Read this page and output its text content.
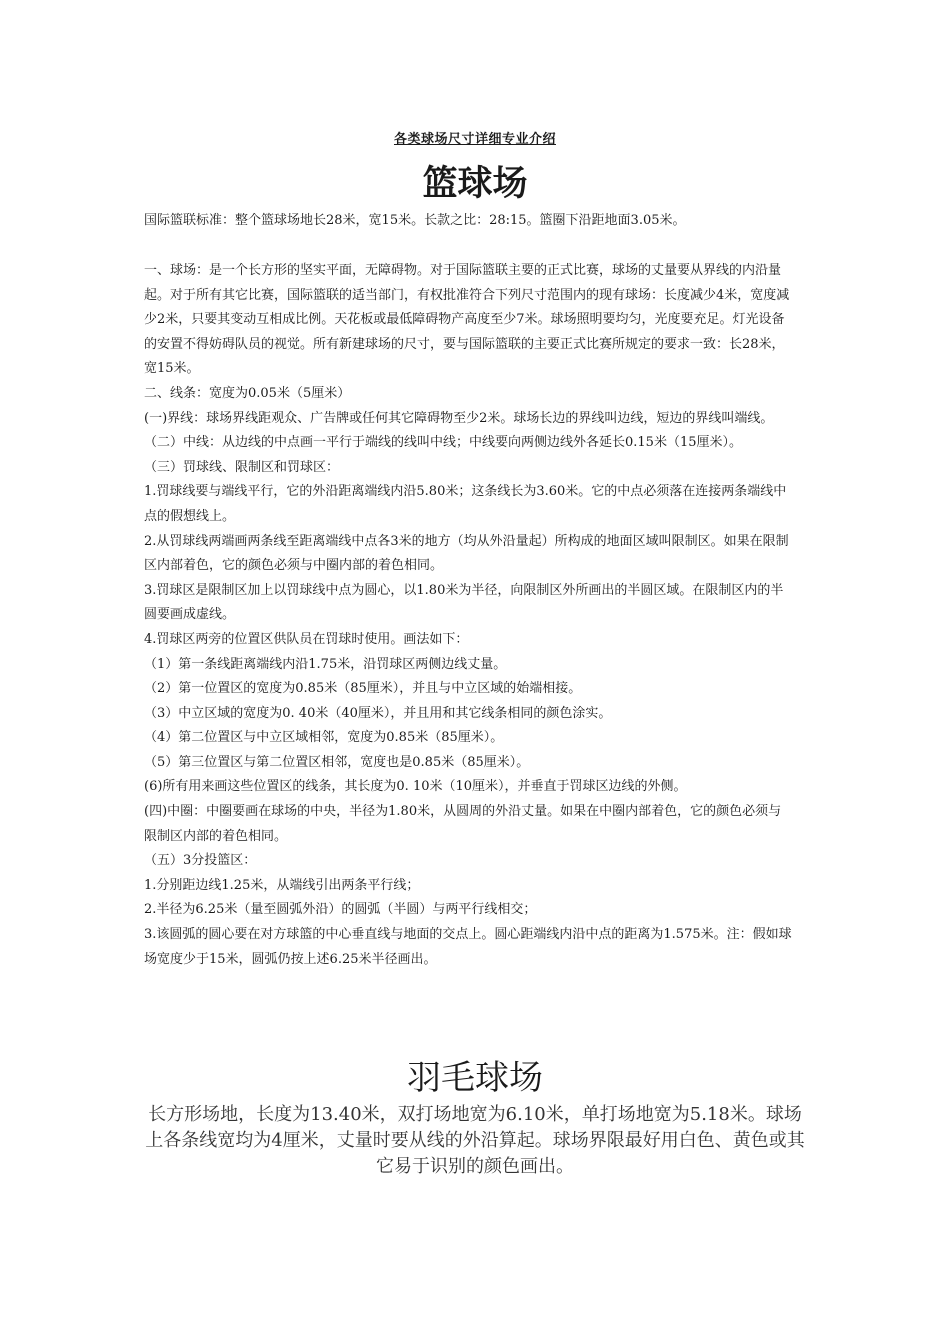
各类球场尺寸详细专业介绍
篮球场
国际篮联标准：整个篮球场地长28米，宽15米。长款之比：28:15。篮圈下沿距地面3.05米。

一、球场：是一个长方形的坚实平面，无障碍物。对于国际篮联主要的正式比赛，球场的丈量要从界线的内沿量起。对于所有其它比赛，国际篮联的适当部门，有权批准符合下列尺寸范围内的现有球场：长度减少4米，宽度减少2米，只要其变动互相成比例。天花板或最低障碍物产高度至少7米。球场照明要均匀，光度要充足。灯光设备的安置不得妨碍队员的视觉。所有新建球场的尺寸，要与国际篮联的主要正式比赛所规定的要求一致：长28米，宽15米。

二、线条：宽度为0.05米（5厘米）

(一)界线：球场界线距观众、广告牌或任何其它障碍物至少2米。球场长边的界线叫边线，短边的界线叫端线。

（二）中线：从边线的中点画一平行于端线的线叫中线；中线要向两侧边线外各延长0.15米（15厘米）。

（三）罚球线、限制区和罚球区：

1.罚球线要与端线平行，它的外沿距离端线内沿5.80米；这条线长为3.60米。它的中点必须落在连接两条端线中点的假想线上。

2.从罚球线两端画两条线至距离端线中点各3米的地方（均从外沿量起）所构成的地面区域叫限制区。如果在限制区内部着色，它的颜色必须与中圈内部的着色相同。

3.罚球区是限制区加上以罚球线中点为圆心，以1.80米为半径，向限制区外所画出的半圆区域。在限制区内的半圆要画成虚线。

4.罚球区两旁的位置区供队员在罚球时使用。画法如下：

（1）第一条线距离端线内沿1.75米，沿罚球区两侧边线丈量。

（2）第一位置区的宽度为0.85米（85厘米），并且与中立区域的始端相接。

（3）中立区域的宽度为0. 40米（40厘米），并且用和其它线条相同的颜色涂实。

（4）第二位置区与中立区域相邻，宽度为0.85米（85厘米）。

（5）第三位置区与第二位置区相邻，宽度也是0.85米（85厘米）。

(6)所有用来画这些位置区的线条，其长度为0. 10米（10厘米），并垂直于罚球区边线的外侧。

(四)中圈：中圈要画在球场的中央，半径为1.80米，从圆周的外沿丈量。如果在中圈内部着色，它的颜色必须与限制区内部的着色相同。

（五）3分投篮区：

1.分别距边线1.25米，从端线引出两条平行线；

2.半径为6.25米（量至圆弧外沿）的圆弧（半圆）与两平行线相交；

3.该圆弧的圆心要在对方球篮的中心垂直线与地面的交点上。圆心距端线内沿中点的距离为1.575米。注：假如球场宽度少于15米，圆弧仍按上述6.25米半径画出。

羽毛球场
长方形场地，长度为13.40米，双打场地宽为6.10米，单打场地宽为5.18米。球场上各条线宽均为4厘米，丈量时要从线的外沿算起。球场界限最好用白色、黄色或其它易于识别的颜色画出。
